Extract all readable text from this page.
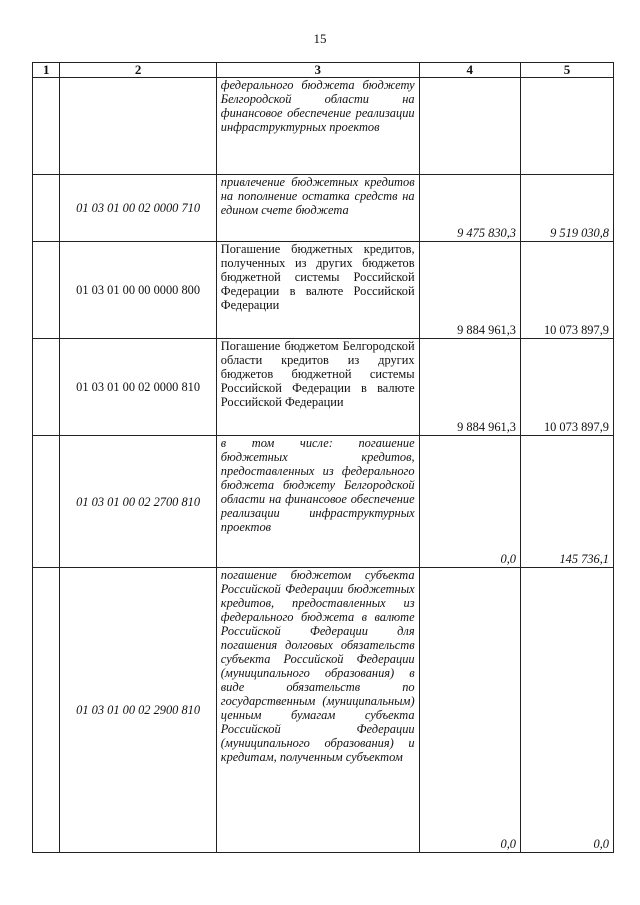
15
1	2	3	4	5
		федерального бюджета бюджету Белгородской области на финансовое обеспечение реализации инфраструктурных проектов		
	01 03 01 00 02 0000 710	привлечение бюджетных кредитов на пополнение остатка средств на едином счете бюджета	9 475 830,3	9 519 030,8
	01 03 01 00 00 0000 800	Погашение бюджетных кредитов, полученных из других бюджетов бюджетной системы Российской Федерации в валюте Российской Федерации	9 884 961,3	10 073 897,9
	01 03 01 00 02 0000 810	Погашение бюджетом Белгородской области кредитов из других бюджетов бюджетной системы Российской Федерации в валюте Российской Федерации	9 884 961,3	10 073 897,9
	01 03 01 00 02 2700 810	в том числе: погашение бюджетных кредитов, предоставленных из федерального бюджета бюджету Белгородской области на финансовое обеспечение реализации инфраструктурных проектов	0,0	145 736,1
	01 03 01 00 02 2900 810	погашение бюджетом субъекта Российской Федерации бюджетных кредитов, предоставленных из федерального бюджета в валюте Российской Федерации для погашения долговых обязательств субъекта Российской Федерации (муниципального образования) в виде обязательств по государственным (муниципальным) ценным бумагам субъекта Российской Федерации (муниципального образования) и кредитам, полученным субъектом	0,0	0,0
